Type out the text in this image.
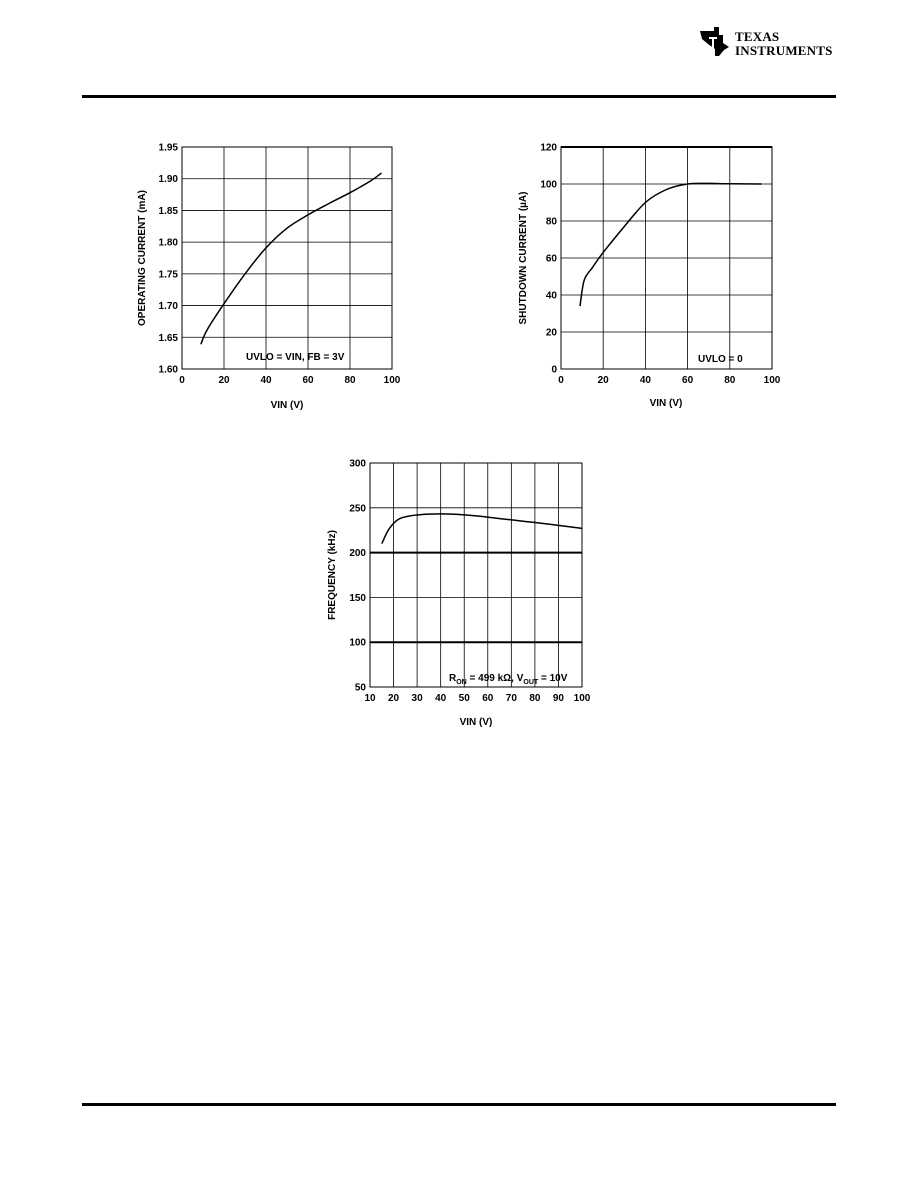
TEXAS
INSTRUMENTS
0	20	40	60	80	100
1.60
1.65
1.70
1.75
1.80
1.85
1.90
1.95
VIN (V)
OPERATING CURRENT (mA)
UVLO = VIN, FB = 3V
0	20	40	60	80	100
0
20
40
60
80
100
120
VIN (V)
SHUTDOWN CURRENT (µA)
UVLO = 0
10 20 30 40 50 60 70 80 90 100
50
100
150
200
250
300
VIN (V)
FREQUENCY (kHz)
$R_{ON} = 499$ kΩ, $V_{OUT} = 10V$
